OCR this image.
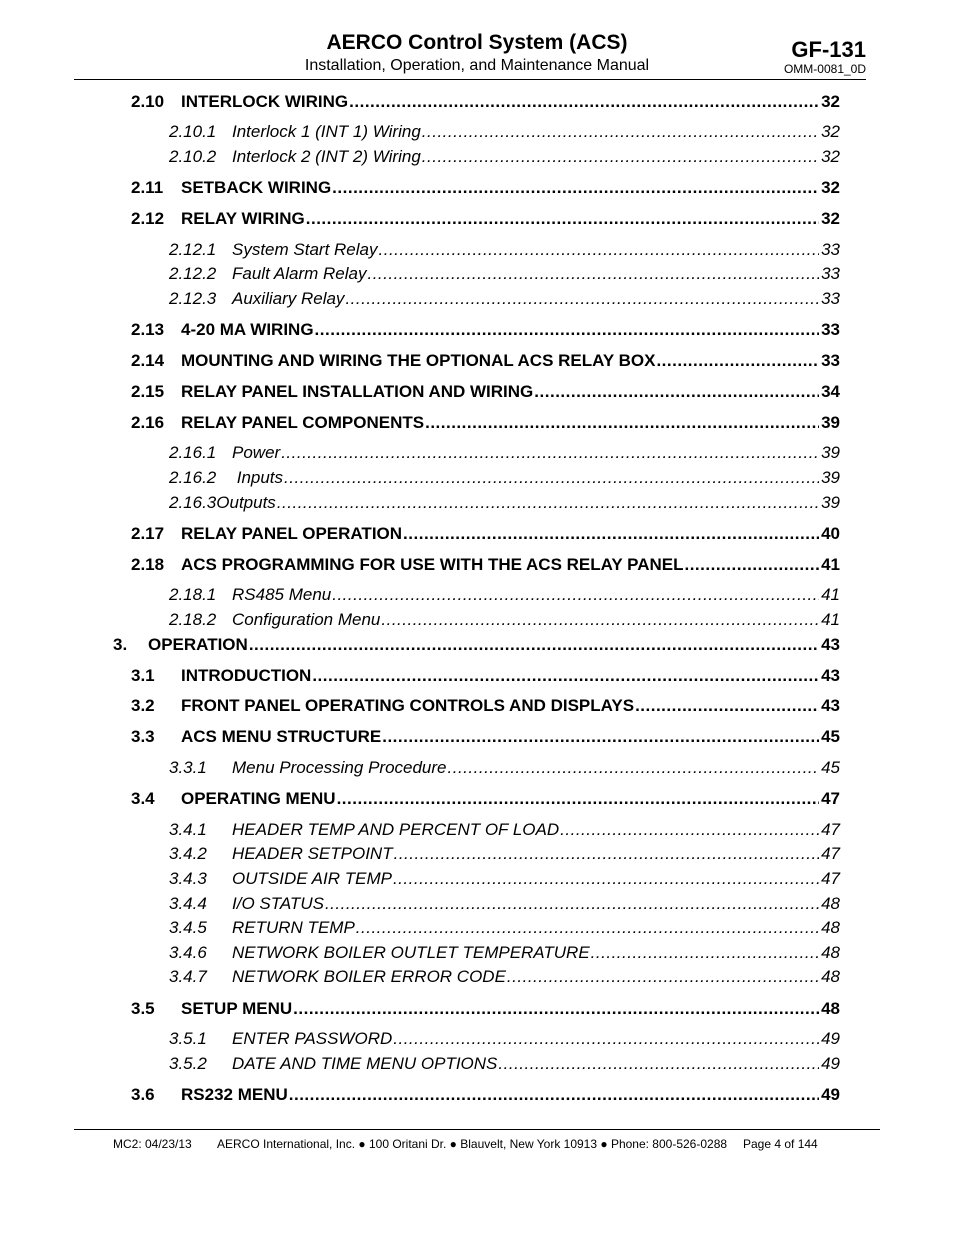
AERCO Control System (ACS)
Installation, Operation, and Maintenance Manual
GF-131
OMM-0081_0D
2.10 INTERLOCK WIRING .....	32
2.10.1 Interlock 1 (INT 1) Wiring .....	32
2.10.2 Interlock 2 (INT 2) Wiring .....	32
2.11	SETBACK WIRING .....	32
2.12 RELAY WIRING .....	32
2.12.1 System Start Relay .....	33
2.12.2 Fault Alarm Relay .....	33
2.12.3 Auxiliary Relay .....	33
2.13 4-20 MA WIRING .....	33
2.14 MOUNTING AND WIRING THE OPTIONAL ACS RELAY BOX .....	33
2.15 RELAY PANEL INSTALLATION AND WIRING .....	34
2.16 RELAY PANEL COMPONENTS .....	39
2.16.1 Power .....	39
2.16.2 Inputs .....	39
2.16.3 Outputs .....	39
2.17 RELAY PANEL OPERATION .....	40
2.18 ACS PROGRAMMING FOR USE WITH THE ACS RELAY PANEL .....	41
2.18.1 RS485 Menu .....	41
2.18.2 Configuration Menu .....	41
3.	OPERATION .....	43
3.1	INTRODUCTION .....	43
3.2	FRONT PANEL OPERATING CONTROLS AND DISPLAYS .....	43
3.3	ACS MENU STRUCTURE .....	45
3.3.1	Menu Processing Procedure .....	45
3.4	OPERATING MENU .....	47
3.4.1	HEADER TEMP AND PERCENT OF LOAD .....	47
3.4.2	HEADER SETPOINT .....	47
3.4.3	OUTSIDE AIR TEMP .....	47
3.4.4	I/O STATUS .....	48
3.4.5	RETURN TEMP .....	48
3.4.6	NETWORK BOILER OUTLET TEMPERATURE .....	48
3.4.7	NETWORK BOILER ERROR CODE .....	48
3.5	SETUP MENU .....	48
3.5.1	ENTER PASSWORD .....	49
3.5.2	DATE AND TIME MENU OPTIONS .....	49
3.6	RS232 MENU .....	49
MC2: 04/23/13 AERCO International, Inc. ● 100 Oritani Dr. ● Blauvelt, New York 10913 ● Phone: 800-526-0288 Page 4 of 144
